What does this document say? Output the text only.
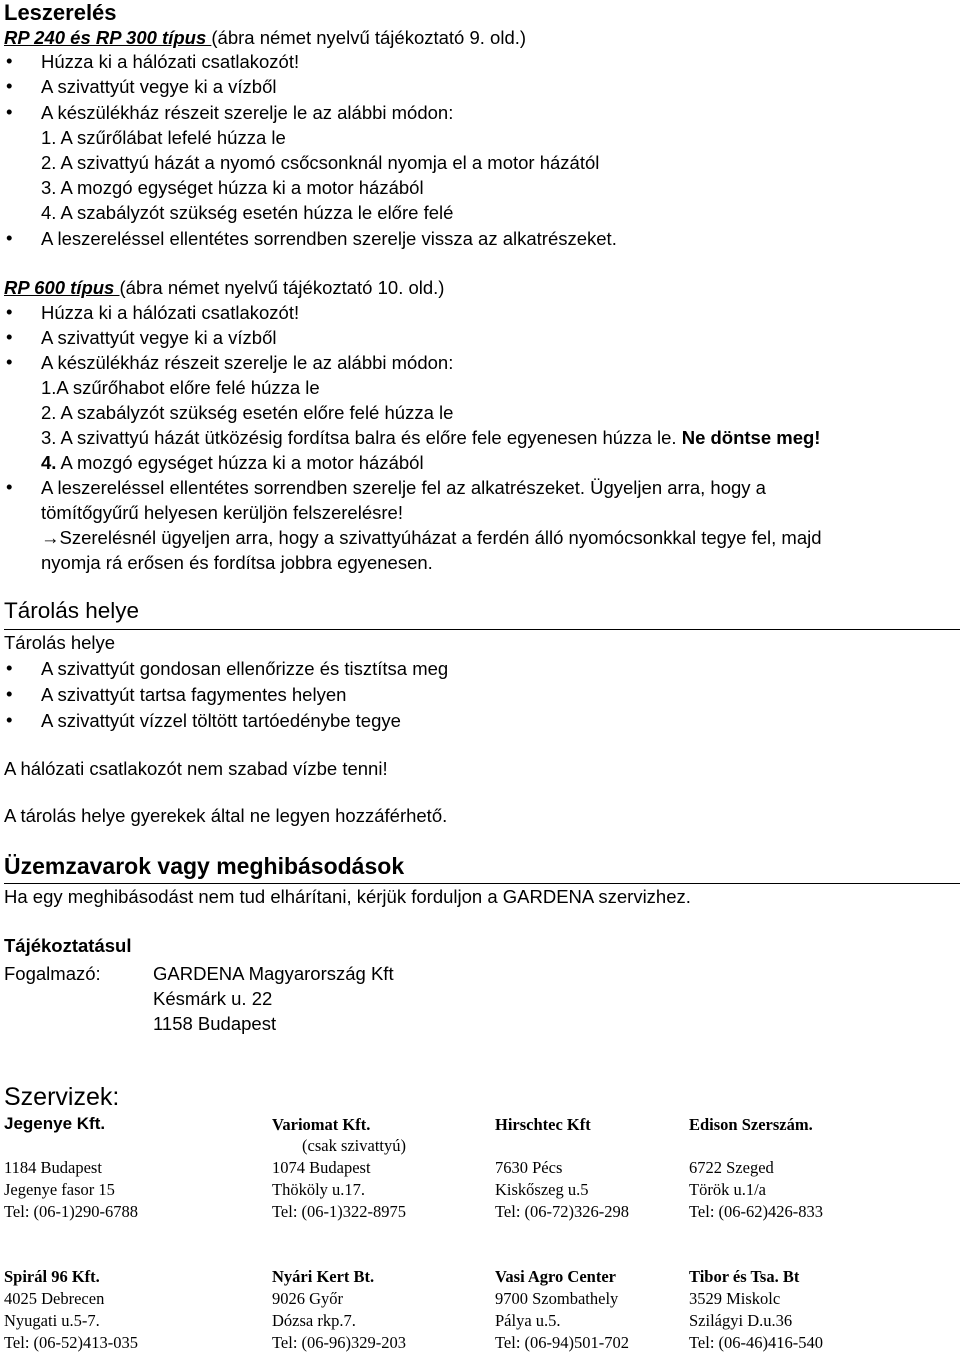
Leszerelés
RP 240 és RP 300 típus (ábra német nyelvű tájékoztató 9. old.)
• Húzza ki a hálózati csatlakozót!
• A szivattyút vegye ki a vízből
• A készülékház részeit szerelje le az alábbi módon:
1. A szűrőlábat lefelé húzza le
2. A szivattyú házát a nyomó csőcsonknál nyomja el a motor házától
3. A mozgó egységet húzza ki a motor házából
4. A szabályzót szükség esetén húzza le előre felé
• A leszereléssel ellentétes sorrendben szerelje vissza az alkatrészeket.
RP 600 típus (ábra német nyelvű tájékoztató 10. old.)
• Húzza ki a hálózati csatlakozót!
• A szivattyút vegye ki a vízből
• A készülékház részeit szerelje le az alábbi módon:
1.A szűrőhabot előre felé húzza le
2. A szabályzót szükség esetén előre felé húzza le
3. A szivattyú házát ütközésig fordítsa balra és előre fele egyenesen húzza le. Ne döntse meg!
4. A mozgó egységet húzza ki a motor házából
• A leszereléssel ellentétes sorrendben szerelje fel az alkatrészeket. Ügyeljen arra, hogy a
tömítőgyűrű helyesen kerüljön felszerelésre!
→Szerelésnél ügyeljen arra, hogy a szivattyúházat a ferdén álló nyomócsonkkal tegye fel, majd
nyomja rá erősen és fordítsa jobbra egyenesen.
Tárolás helye
Tárolás helye
• A szivattyút gondosan ellenőrizze és tisztítsa meg
• A szivattyút tartsa fagymentes helyen
• A szivattyút vízzel töltött tartóedénybe tegye
A hálózati csatlakozót nem szabad vízbe tenni!
A tárolás helye gyerekek által ne legyen hozzáférhető.
Üzemzavarok vagy meghibásodások
Ha egy meghibásodást nem tud elhárítani, kérjük forduljon a GARDENA szervizhez.
Tájékoztatásul
Fogalmazó:	GARDENA Magyarország Kft
Késmárk u. 22
1158 Budapest
Szervizek:
Jegenye Kft.
1184 Budapest
Jegenye fasor 15
Tel: (06-1)290-6788
Variomat Kft.
(csak szivattyú)
1074 Budapest
Thököly u.17.
Tel: (06-1)322-8975
Hirschtec Kft
7630 Pécs
Kiskőszeg u.5
Tel: (06-72)326-298
Edison Szerszám.
6722 Szeged
Török u.1/a
Tel: (06-62)426-833
Spirál 96 Kft.
4025 Debrecen
Nyugati u.5-7.
Tel: (06-52)413-035
Nyári Kert Bt.
9026 Győr
Dózsa rkp.7.
Tel: (06-96)329-203
Vasi Agro Center
9700 Szombathely
Pálya u.5.
Tel: (06-94)501-702
Tibor és Tsa. Bt
3529 Miskolc
Szilágyi D.u.36
Tel: (06-46)416-540
